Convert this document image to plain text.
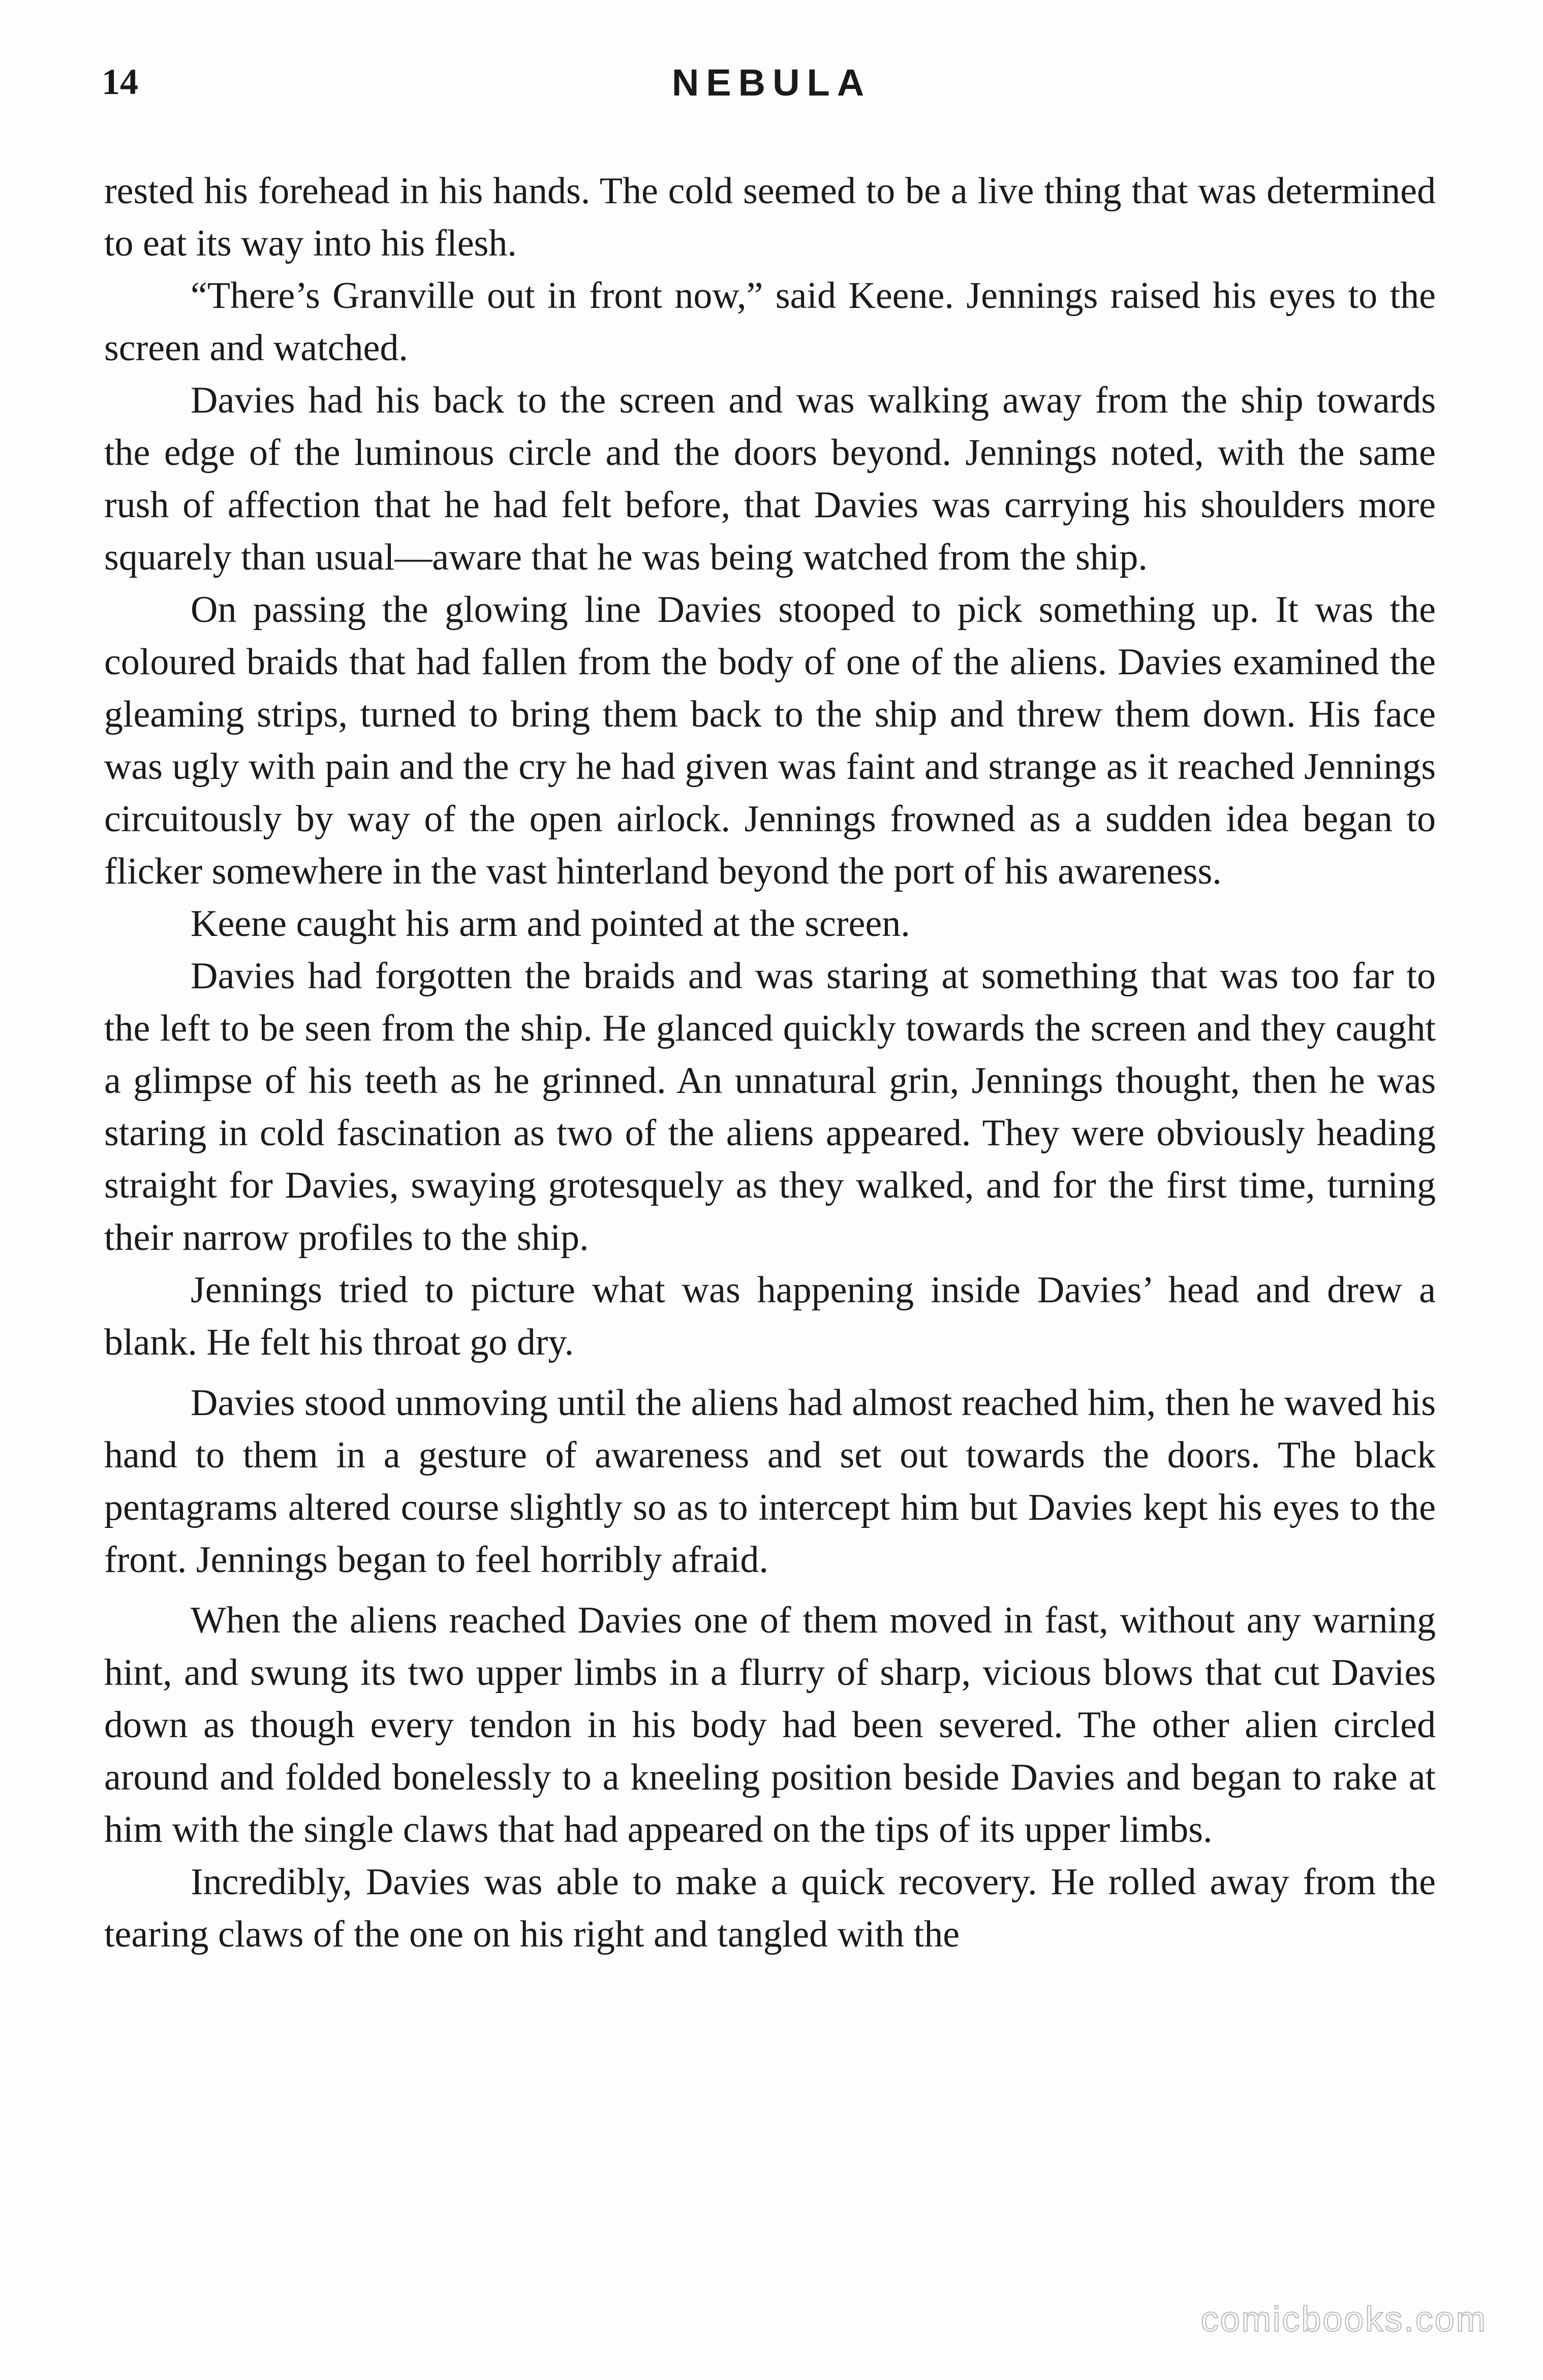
14	NEBULA

rested his forehead in his hands. The cold seemed to be a live thing that was determined to eat its way into his flesh.

“There’s Granville out in front now,” said Keene. Jennings raised his eyes to the screen and watched.

Davies had his back to the screen and was walking away from the ship towards the edge of the luminous circle and the doors beyond. Jennings noted, with the same rush of affection that he had felt before, that Davies was carrying his shoulders more squarely than usual—aware that he was being watched from the ship.

On passing the glowing line Davies stooped to pick something up. It was the coloured braids that had fallen from the body of one of the aliens. Davies examined the gleaming strips, turned to bring them back to the ship and threw them down. His face was ugly with pain and the cry he had given was faint and strange as it reached Jennings circuitously by way of the open airlock. Jennings frowned as a sudden idea began to flicker somewhere in the vast hinterland beyond the port of his awareness.

Keene caught his arm and pointed at the screen.

Davies had forgotten the braids and was staring at something that was too far to the left to be seen from the ship. He glanced quickly towards the screen and they caught a glimpse of his teeth as he grinned. An unnatural grin, Jennings thought, then he was staring in cold fascination as two of the aliens appeared. They were obviously heading straight for Davies, swaying grotesquely as they walked, and for the first time, turning their narrow profiles to the ship.

Jennings tried to picture what was happening inside Davies’ head and drew a blank. He felt his throat go dry.

Davies stood unmoving until the aliens had almost reached him, then he waved his hand to them in a gesture of awareness and set out towards the doors. The black pentagrams altered course slightly so as to intercept him but Davies kept his eyes to the front. Jennings began to feel horribly afraid.

When the aliens reached Davies one of them moved in fast, without any warning hint, and swung its two upper limbs in a flurry of sharp, vicious blows that cut Davies down as though every tendon in his body had been severed. The other alien circled around and folded bonelessly to a kneeling position beside Davies and began to rake at him with the single claws that had appeared on the tips of its upper limbs.

Incredibly, Davies was able to make a quick recovery. He rolled away from the tearing claws of the one on his right and tangled with the

comicbooks.com
